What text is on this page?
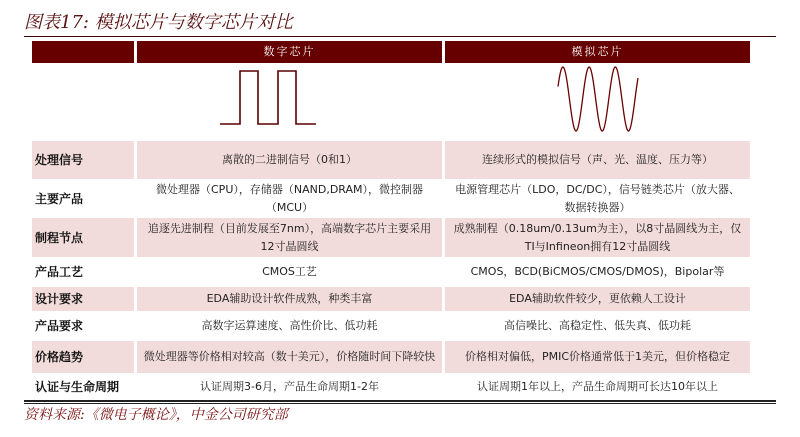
图表17: 模拟芯片与数字芯片对比
	数字芯片	模拟芯片

处理信号	离散的二进制信号（0和1）	连续形式的模拟信号（声、光、温度、压力等）
主要产品	微处理器（CPU），存储器（NAND,DRAM），微控制器（MCU）	电源管理芯片（LDO，DC/DC），信号链类芯片（放大器、数据转换器）
制程节点	追逐先进制程（目前发展至7nm），高端数字芯片主要采用12寸晶圆线	成熟制程（0.18um/0.13um为主），以8寸晶圆线为主，仅TI与Infineon拥有12寸晶圆线
产品工艺	CMOS工艺	CMOS，BCD(BiCMOS/CMOS/DMOS)，Bipolar等
设计要求	EDA辅助设计软件成熟，种类丰富	EDA辅助软件较少，更依赖人工设计
产品要求	高数字运算速度、高性价比、低功耗	高信噪比、高稳定性、低失真、低功耗
价格趋势	微处理器等价格相对较高（数十美元），价格随时间下降较快	价格相对偏低，PMIC价格通常低于1美元，但价格稳定
认证与生命周期	认证周期3-6月，产品生命周期1-2年	认证周期1年以上，产品生命周期可长达10年以上
资料来源:《微电子概论》，中金公司研究部
